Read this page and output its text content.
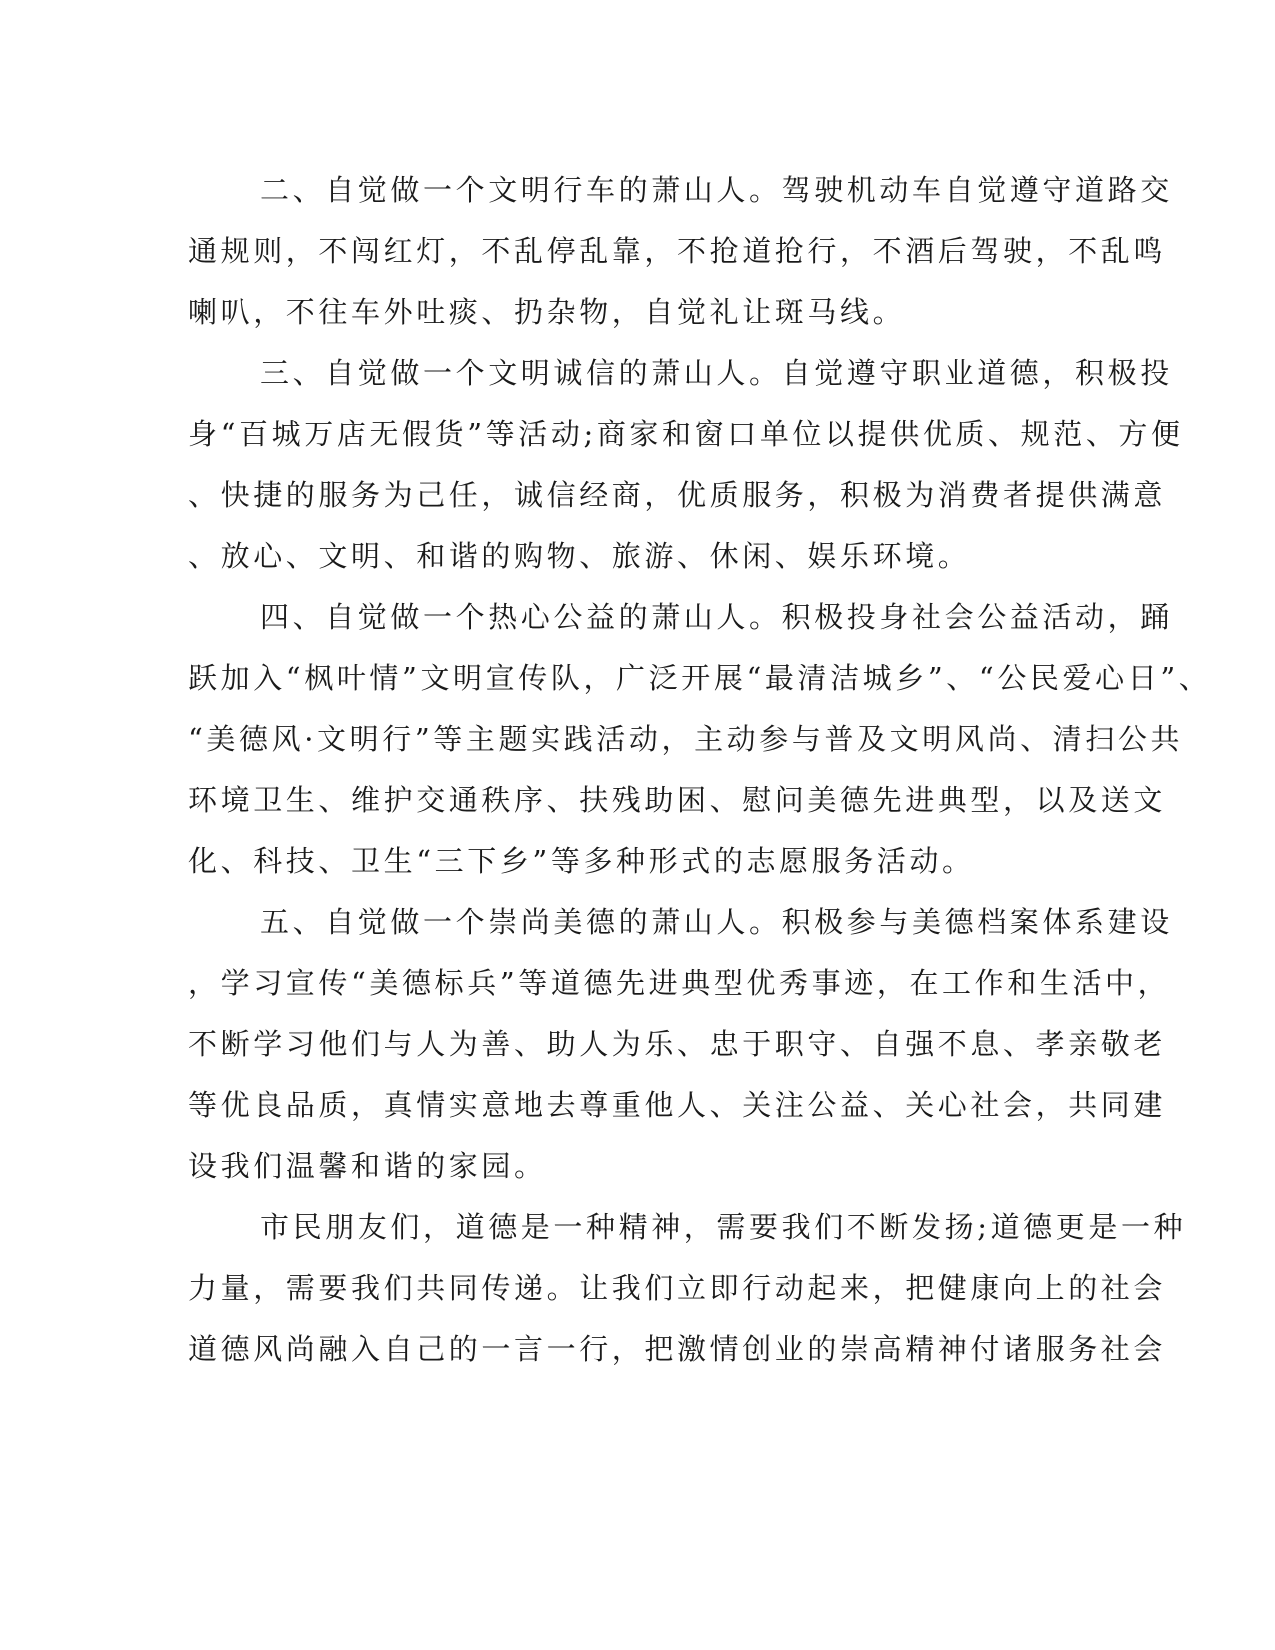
二、自觉做一个文明行车的萧山人。驾驶机动车自觉遵守道路交
通规则，不闯红灯，不乱停乱靠，不抢道抢行，不酒后驾驶，不乱鸣
喇叭，不往车外吐痰、扔杂物，自觉礼让斑马线。
三、自觉做一个文明诚信的萧山人。自觉遵守职业道德，积极投
身“百城万店无假货”等活动;商家和窗口单位以提供优质、规范、方便
、快捷的服务为己任，诚信经商，优质服务，积极为消费者提供满意
、放心、文明、和谐的购物、旅游、休闲、娱乐环境。
四、自觉做一个热心公益的萧山人。积极投身社会公益活动，踊
跃加入“枫叶情”文明宣传队，广泛开展“最清洁城乡”、“公民爱心日”、
“美德风·文明行”等主题实践活动，主动参与普及文明风尚、清扫公共
环境卫生、维护交通秩序、扶残助困、慰问美德先进典型，以及送文
化、科技、卫生“三下乡”等多种形式的志愿服务活动。
五、自觉做一个崇尚美德的萧山人。积极参与美德档案体系建设
，学习宣传“美德标兵”等道德先进典型优秀事迹，在工作和生活中，
不断学习他们与人为善、助人为乐、忠于职守、自强不息、孝亲敬老
等优良品质，真情实意地去尊重他人、关注公益、关心社会，共同建
设我们温馨和谐的家园。
市民朋友们，道德是一种精神，需要我们不断发扬;道德更是一种
力量，需要我们共同传递。让我们立即行动起来，把健康向上的社会
道德风尚融入自己的一言一行，把激情创业的崇高精神付诸服务社会
